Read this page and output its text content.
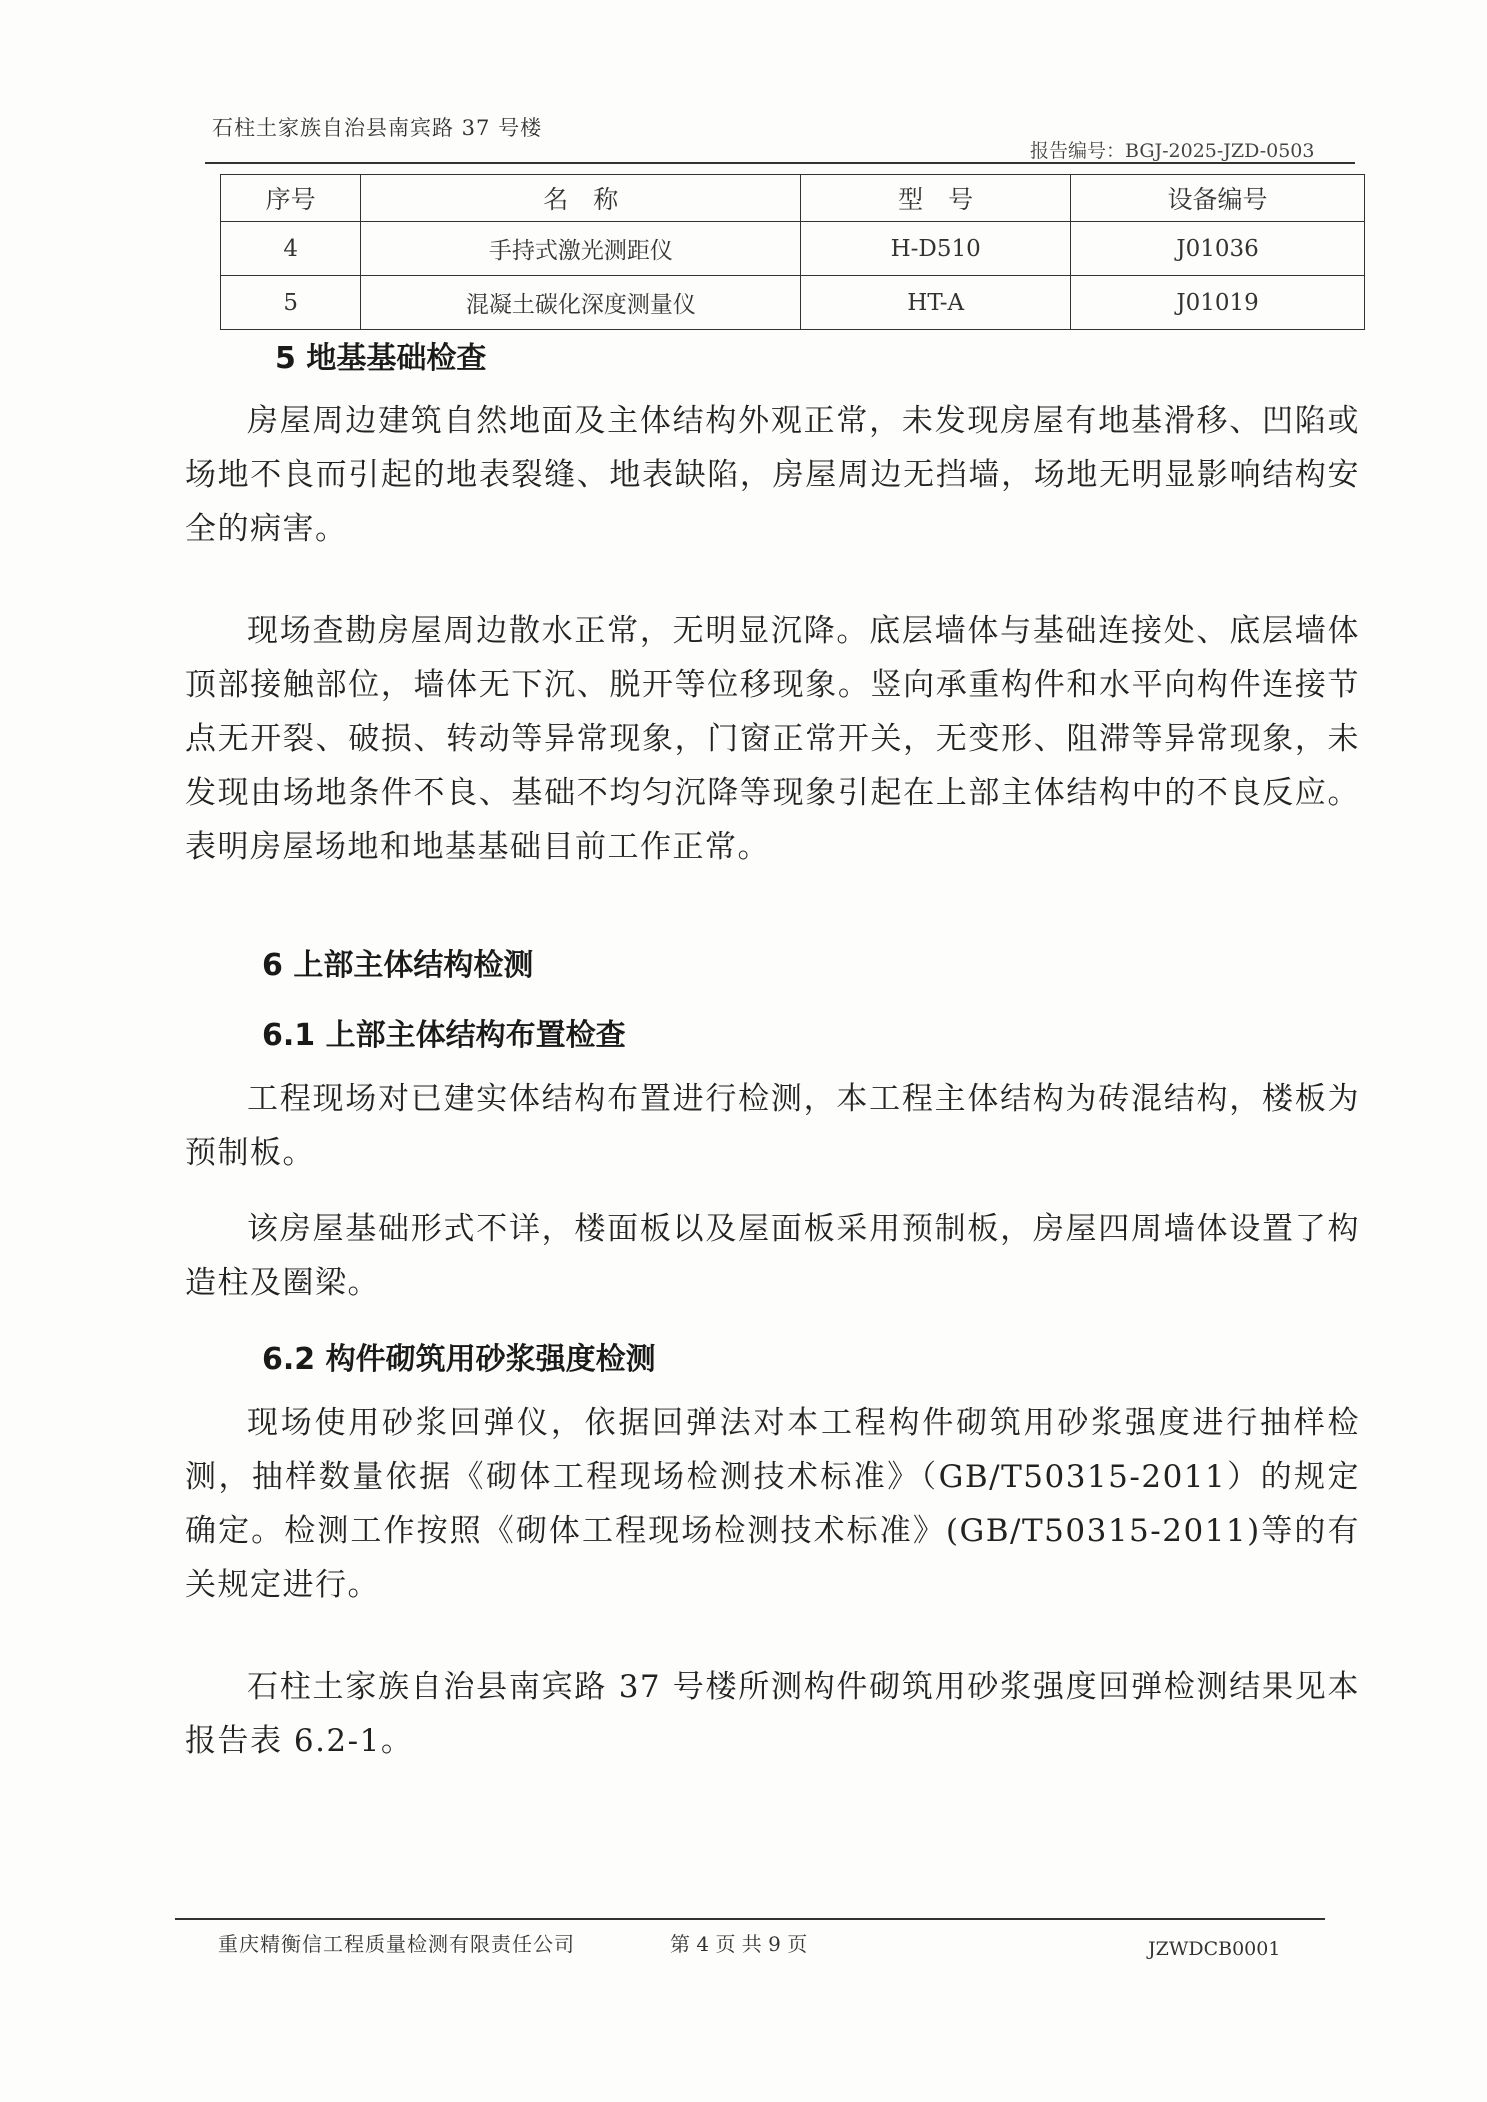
石柱土家族自治县南宾路 37 号楼
报告编号：BGJ-2025-JZD-0503
序号	名　称	型　号	设备编号
4	手持式激光测距仪	H-D510	J01036
5	混凝土碳化深度测量仪	HT-A	J01019
5 地基基础检查

房屋周边建筑自然地面及主体结构外观正常，未发现房屋有地基滑移、凹陷或场地不良而引起的地表裂缝、地表缺陷，房屋周边无挡墙，场地无明显影响结构安全的病害。

现场查勘房屋周边散水正常，无明显沉降。底层墙体与基础连接处、底层墙体顶部接触部位，墙体无下沉、脱开等位移现象。竖向承重构件和水平向构件连接节点无开裂、破损、转动等异常现象，门窗正常开关，无变形、阻滞等异常现象，未发现由场地条件不良、基础不均匀沉降等现象引起在上部主体结构中的不良反应。表明房屋场地和地基基础目前工作正常。

6 上部主体结构检测
6.1 上部主体结构布置检查

工程现场对已建实体结构布置进行检测，本工程主体结构为砖混结构，楼板为预制板。

该房屋基础形式不详，楼面板以及屋面板采用预制板，房屋四周墙体设置了构造柱及圈梁。

6.2 构件砌筑用砂浆强度检测

现场使用砂浆回弹仪，依据回弹法对本工程构件砌筑用砂浆强度进行抽样检测，抽样数量依据《砌体工程现场检测技术标准》（GB/T50315-2011）的规定确定。检测工作按照《砌体工程现场检测技术标准》(GB/T50315-2011)等的有关规定进行。

石柱土家族自治县南宾路 37 号楼所测构件砌筑用砂浆强度回弹检测结果见本报告表 6.2-1。

重庆精衡信工程质量检测有限责任公司	第 4 页 共 9 页	JZWDCB0001
